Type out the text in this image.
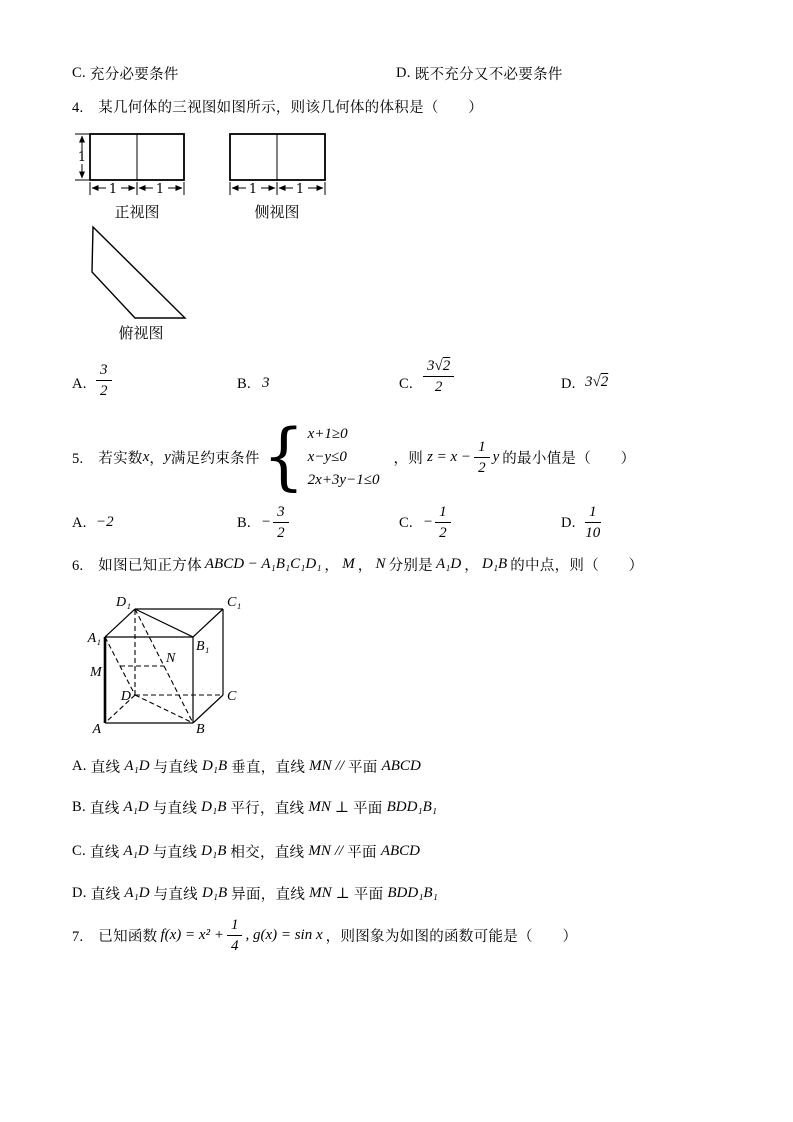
C. 充分必要条件	D. 既不充分又不必要条件
4.　某几何体的三视图如图所示，则该几何体的体积是（　　）
1
1	1
正视图
1	1
侧视图
俯视图
A. $\frac{3}{2}$	B. 3	C. $\frac{3√2}{2}$	D. 3√2
5.　若实数 x ， y 满足约束条件 { x+1≥0
x−y≤0
2x+3y−1≤0
，则 $z = x - \frac{1}{2}$ y 的最小值是（　　）
A. −2	B. − $\frac{3}{2}$	C. − $\frac{1}{2}$	D. $\frac{1}{10}$
6.　如图已知正方体 ABCD − A₁B₁C₁D₁ ， M ， N 分别是 A₁D ， D₁B 的中点，则（　　）
D₁	C₁
A₁
B₁
M
N
D	C
A	B
A. 直线 A₁D 与直线 D₁B 垂直，直线 MN // 平面 ABCD
B. 直线 A₁D 与直线 D₁B 平行，直线 MN ⊥ 平面 BDD₁B₁
C. 直线 A₁D 与直线 D₁B 相交，直线 MN // 平面 ABCD
D. 直线 A₁D 与直线 D₁B 异面，直线 MN ⊥ 平面 BDD₁B₁
7.　已知函数 $f(x) = x^2 + \frac{1}{4}$ , g(x) = sin x ，则图象为如图的函数可能是（　　）
